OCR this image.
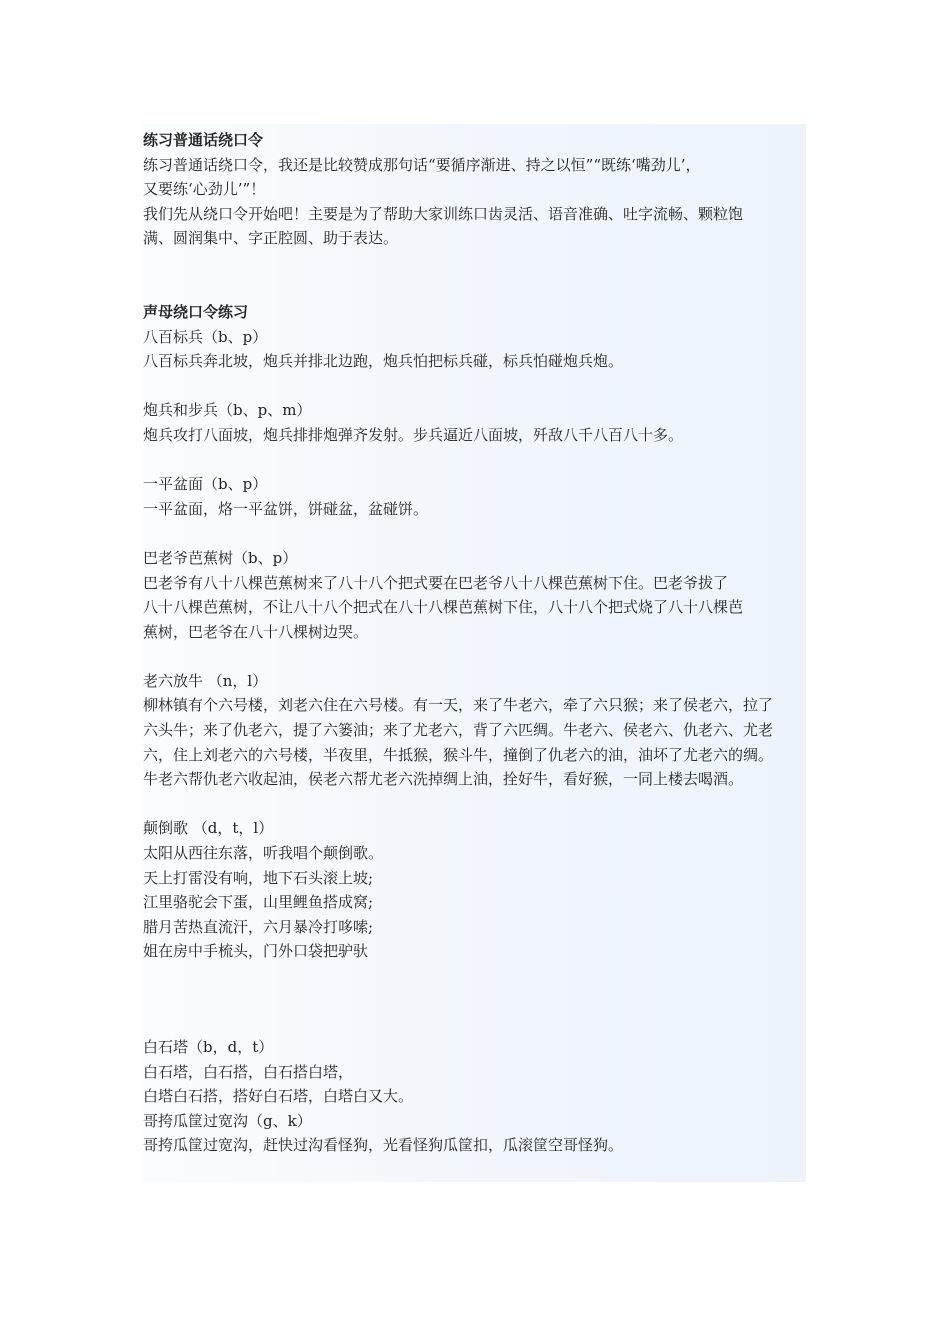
练习普通话绕口令

练习普通话绕口令，我还是比较赞成那句话“要循序渐进、持之以恒”“既练‘嘴劲儿’，

又要练‘心劲儿’”！

我们先从绕口令开始吧！主要是为了帮助大家训练口齿灵活、语音准确、吐字流畅、颗粒饱

满、圆润集中、字正腔圆、助于表达。

声母绕口令练习

八百标兵（b、p）

八百标兵奔北坡，炮兵并排北边跑，炮兵怕把标兵碰，标兵怕碰炮兵炮。

炮兵和步兵（b、p、m）

炮兵攻打八面坡，炮兵排排炮弹齐发射。步兵逼近八面坡，歼敌八千八百八十多。

一平盆面（b、p）

一平盆面，烙一平盆饼，饼碰盆，盆碰饼。

巴老爷芭蕉树（b、p）

巴老爷有八十八棵芭蕉树来了八十八个把式要在巴老爷八十八棵芭蕉树下住。巴老爷拔了

八十八棵芭蕉树，不让八十八个把式在八十八棵芭蕉树下住，八十八个把式烧了八十八棵芭

蕉树，巴老爷在八十八棵树边哭。

老六放牛 （n，l）

柳林镇有个六号楼，刘老六住在六号楼。有一天，来了牛老六，牵了六只猴；来了侯老六，拉了

六头牛；来了仇老六，提了六篓油；来了尤老六，背了六匹绸。牛老六、侯老六、仇老六、尤老

六，住上刘老六的六号楼，半夜里，牛抵猴，猴斗牛，撞倒了仇老六的油，油坏了尤老六的绸。

牛老六帮仇老六收起油，侯老六帮尤老六洗掉绸上油，拴好牛，看好猴，一同上楼去喝酒。

颠倒歌 （d，t，l）

太阳从西往东落，听我唱个颠倒歌。

天上打雷没有响，地下石头滚上坡;

江里骆驼会下蛋，山里鲤鱼搭成窝;

腊月苦热直流汗，六月暴冷打哆嗦;

姐在房中手梳头，门外口袋把驴驮

白石塔（b，d，t）

白石塔，白石搭，白石搭白塔，

白塔白石搭，搭好白石塔，白塔白又大。

哥挎瓜筐过宽沟（g、k）

哥挎瓜筐过宽沟，赶快过沟看怪狗，光看怪狗瓜筐扣，瓜滚筐空哥怪狗。
